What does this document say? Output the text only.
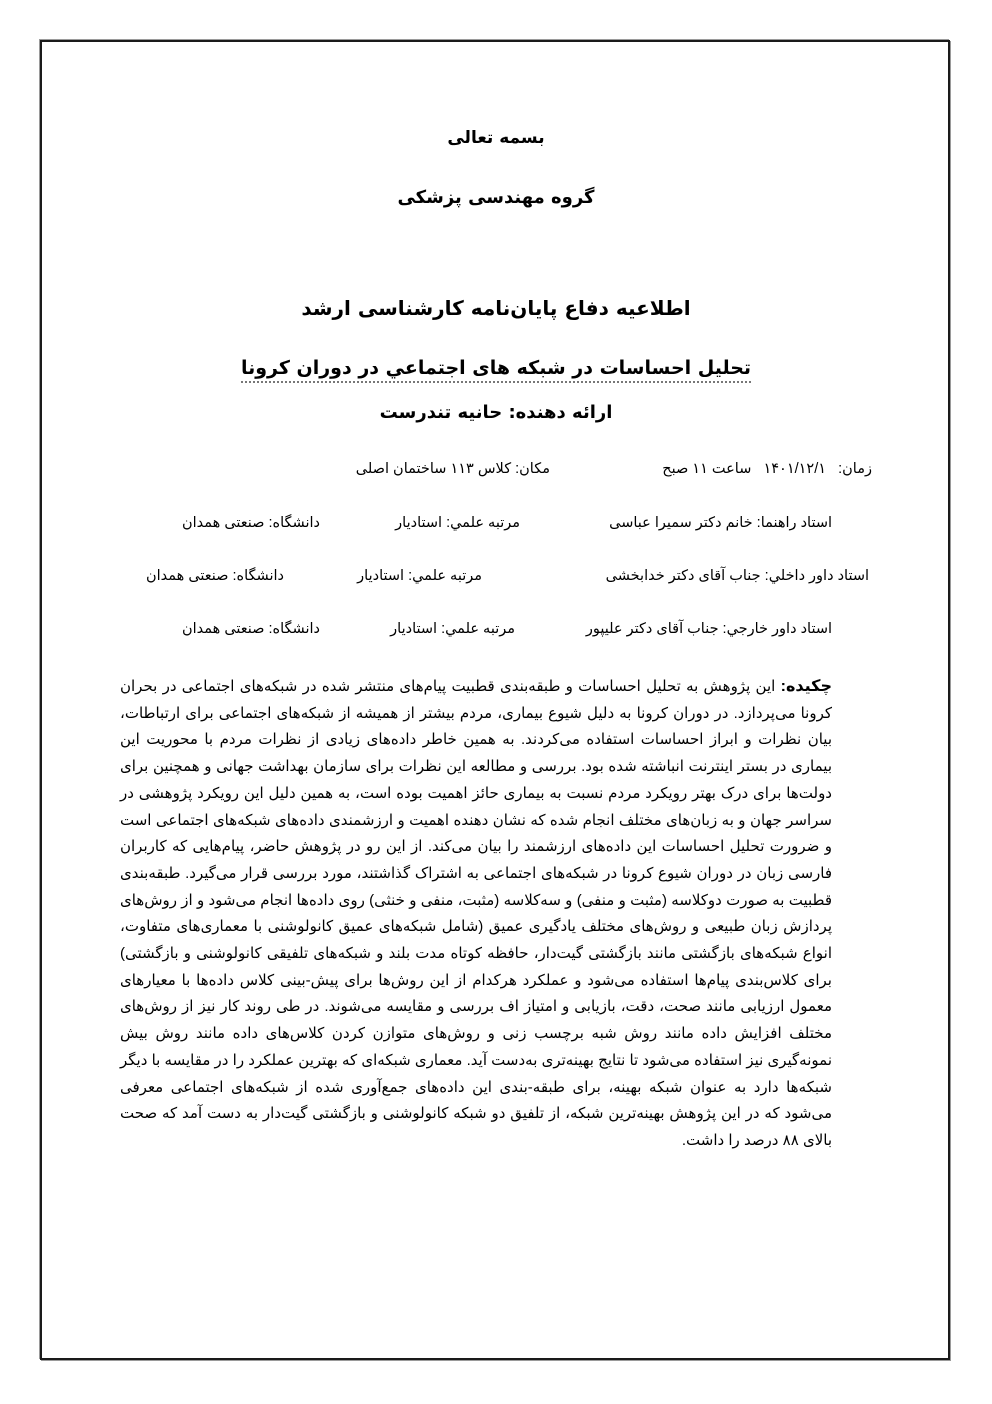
بسمه تعالی
گروه مهندسی پزشکی
اطلاعیه دفاع پایان‌نامه کارشناسی ارشد
تحلیل احساسات در شبکه های اجتماعي در دوران کرونا
ارائه دهنده: حانیه تندرست
زمان:   ۱۴۰۱/۱۲/۱   ساعت ۱۱ صبح
مکان: کلاس ۱۱۳ ساختمان اصلی
استاد راهنما: خانم دکتر سمیرا عباسی
مرتبه علمي: استادیار
دانشگاه: صنعتی همدان
استاد داور داخلي: جناب آقای دکتر خدابخشی
مرتبه علمي: استادیار
دانشگاه: صنعتی همدان
استاد داور خارجي: جناب آقای دکتر علیپور
مرتبه علمي: استادیار
دانشگاه: صنعتی همدان
چکیده: این پژوهش به تحلیل احساسات و طبقه‌بندی قطبیت پیام‌های منتشر شده در شبکه‌های اجتماعی در بحران کرونا می‌پردازد. در دوران کرونا به دلیل شیوع بیماری، مردم بیشتر از همیشه از شبکه‌های اجتماعی برای ارتباطات، بیان نظرات و ابراز احساسات استفاده می‌کردند. به همین خاطر داده‌های زیادی از نظرات مردم با محوریت این بیماری در بستر اینترنت انباشته شده بود. بررسی و مطالعه این نظرات برای سازمان بهداشت جهانی و همچنین برای دولت‌ها برای درک بهتر رویکرد مردم نسبت به بیماری حائز اهمیت بوده است، به همین دلیل این رویکرد پژوهشی در سراسر جهان و به زبان‌های مختلف انجام شده که نشان دهنده اهمیت و ارزشمندی داده‌های شبکه‌های اجتماعی است و ضرورت تحلیل احساسات این داده‌های ارزشمند را بیان می‌کند. از این رو در پژوهش حاضر، پیام‌هایی که کاربران فارسی زبان در دوران شیوع کرونا در شبکه‌های اجتماعی به اشتراک گذاشتند، مورد بررسی قرار می‌گیرد. طبقه‌بندی قطبیت به صورت دوکلاسه (مثبت و منفی) و سه‌کلاسه (مثبت، منفی و خنثی) روی داده‌ها انجام می‌شود و از روش‌های پردازش زبان طبیعی و روش‌های مختلف یادگیری عمیق (شامل شبکه‌های عمیق کانولوشنی با معماری‌های متفاوت، انواع شبکه‌های بازگشتی مانند بازگشتی گیت‌دار، حافظه کوتاه مدت بلند و شبکه‌های تلفیقی کانولوشنی و بازگشتی) برای کلاس‌بندی پیام‌ها استفاده می‌شود و عملکرد هرکدام از این روش‌ها برای پیش-بینی کلاس داده‌ها با معیارهای معمول ارزیابی مانند صحت، دقت، بازیابی و امتیاز اف بررسی و مقایسه می‌شوند. در طی روند کار نیز از روش‌های مختلف افزایش داده مانند روش شبه برچسب زنی و روش‌های متوازن کردن کلاس‌های داده مانند روش بیش نمونه‌گیری نیز استفاده می‌شود تا نتایج بهینه‌تری به‌دست آید. معماری شبکه‌ای که بهترین عملکرد را در مقایسه با دیگر شبکه‌ها دارد به عنوان شبکه بهینه، برای طبقه-بندی این داده‌های جمع‌آوری شده از شبکه‌های اجتماعی معرفی می‌شود که در این پژوهش بهینه‌ترین شبکه، از تلفیق دو شبکه کانولوشنی و بازگشتی گیت‌دار به دست آمد که صحت بالای ۸۸ درصد را داشت.
